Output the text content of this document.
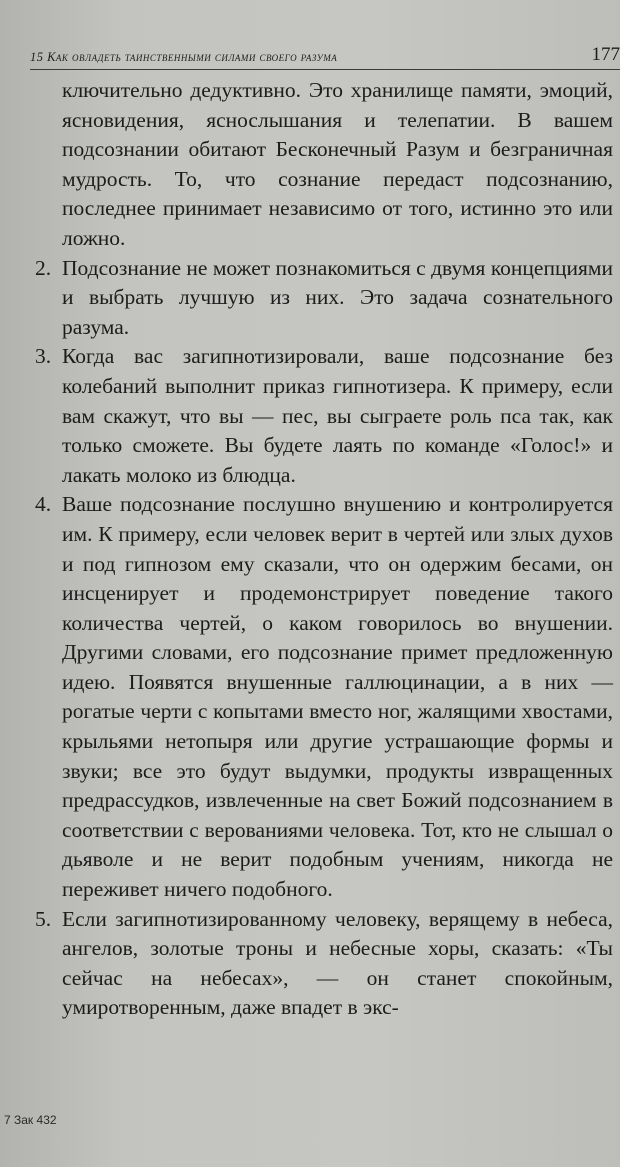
15 Как овладеть таинственными силами своего разума	177

ключительно дедуктивно. Это хранилище памяти, эмоций, ясновидения, яснослышания и телепатии. В вашем подсознании обитают Бесконечный Разум и безграничная мудрость. То, что сознание передаст подсознанию, последнее принимает независимо от того, истинно это или ложно.

2. Подсознание не может познакомиться с двумя концепциями и выбрать лучшую из них. Это задача сознательного разума.
3. Когда вас загипнотизировали, ваше подсознание без колебаний выполнит приказ гипнотизера. К примеру, если вам скажут, что вы — пес, вы сыграете роль пса так, как только сможете. Вы будете лаять по команде «Голос!» и лакать молоко из блюдца.
4. Ваше подсознание послушно внушению и контролируется им. К примеру, если человек верит в чертей или злых духов и под гипнозом ему сказали, что он одержим бесами, он инсценирует и продемонстрирует поведение такого количества чертей, о каком говорилось во внушении. Другими словами, его подсознание примет предложенную идею. Появятся внушенные галлюцинации, а в них — рогатые черти с копытами вместо ног, жалящими хвостами, крыльями нетопыря или другие устрашающие формы и звуки; все это будут выдумки, продукты извращенных предрассудков, извлеченные на свет Божий подсознанием в соответствии с верованиями человека. Тот, кто не слышал о дьяволе и не верит подобным учениям, никогда не переживет ничего подобного.
5. Если загипнотизированному человеку, верящему в небеса, ангелов, золотые троны и небесные хоры, сказать: «Ты сейчас на небесах», — он станет спокойным, умиротворенным, даже впадет в экс-
7 Зак 432
